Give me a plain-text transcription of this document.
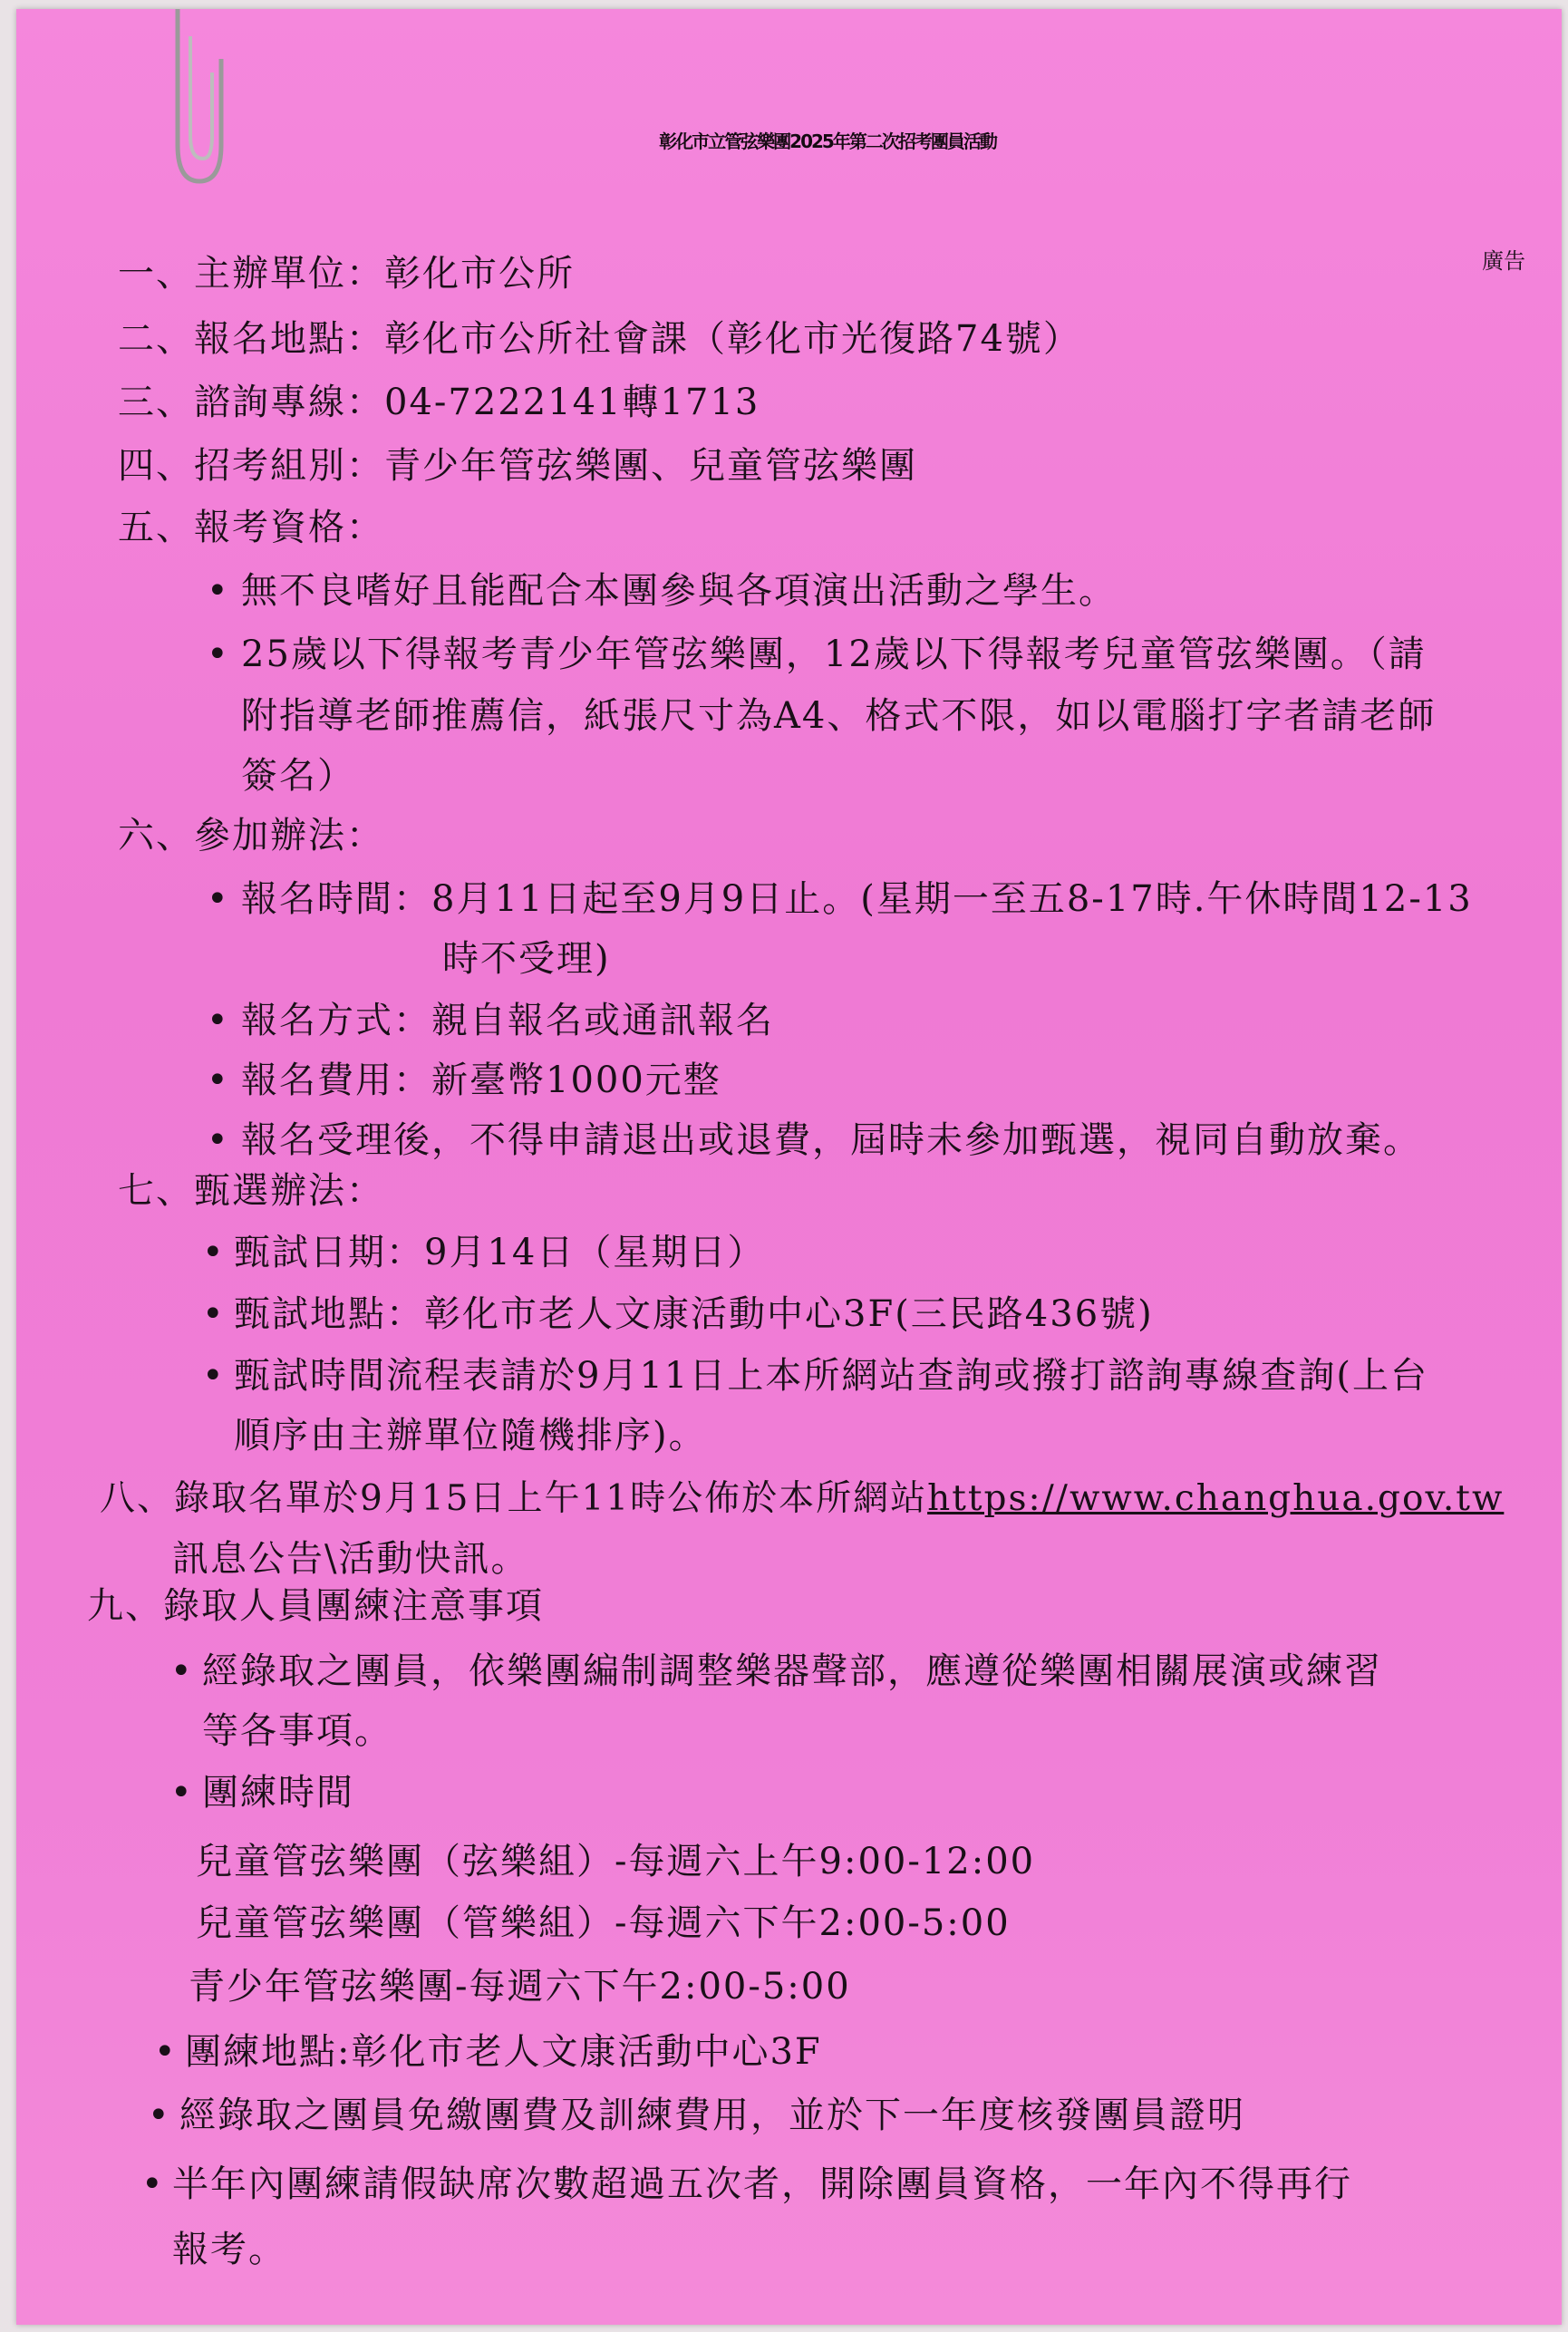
彰化市立管弦樂團2025年第二次招考團員活動
廣告
一、主辦單位：彰化市公所
二、報名地點：彰化市公所社會課（彰化市光復路74號）
三、諮詢專線：04-7222141轉1713
四、招考組別：青少年管弦樂團、兒童管弦樂團
五、報考資格：
• 無不良嗜好且能配合本團參與各項演出活動之學生。
• 25歲以下得報考青少年管弦樂團，12歲以下得報考兒童管弦樂團。（請
附指導老師推薦信，紙張尺寸為A4、格式不限，如以電腦打字者請老師
簽名）
六、參加辦法：
• 報名時間：8月11日起至9月9日止。(星期一至五8-17時.午休時間12-13
時不受理)
• 報名方式：親自報名或通訊報名
• 報名費用：新臺幣1000元整
• 報名受理後，不得申請退出或退費，屆時未參加甄選，視同自動放棄。
七、甄選辦法：
• 甄試日期：9月14日（星期日）
• 甄試地點：彰化市老人文康活動中心3F(三民路436號)
• 甄試時間流程表請於9月11日上本所網站查詢或撥打諮詢專線查詢(上台
順序由主辦單位隨機排序)。
八、錄取名單於9月15日上午11時公佈於本所網站https://www.changhua.gov.tw
訊息公告\活動快訊。
九、錄取人員團練注意事項
• 經錄取之團員，依樂團編制調整樂器聲部，應遵從樂團相關展演或練習
等各事項。
• 團練時間
兒童管弦樂團（弦樂組）-每週六上午9:00-12:00
兒童管弦樂團（管樂組）-每週六下午2:00-5:00
青少年管弦樂團-每週六下午2:00-5:00
• 團練地點:彰化市老人文康活動中心3F
• 經錄取之團員免繳團費及訓練費用，並於下一年度核發團員證明
• 半年內團練請假缺席次數超過五次者，開除團員資格，一年內不得再行
報考。
